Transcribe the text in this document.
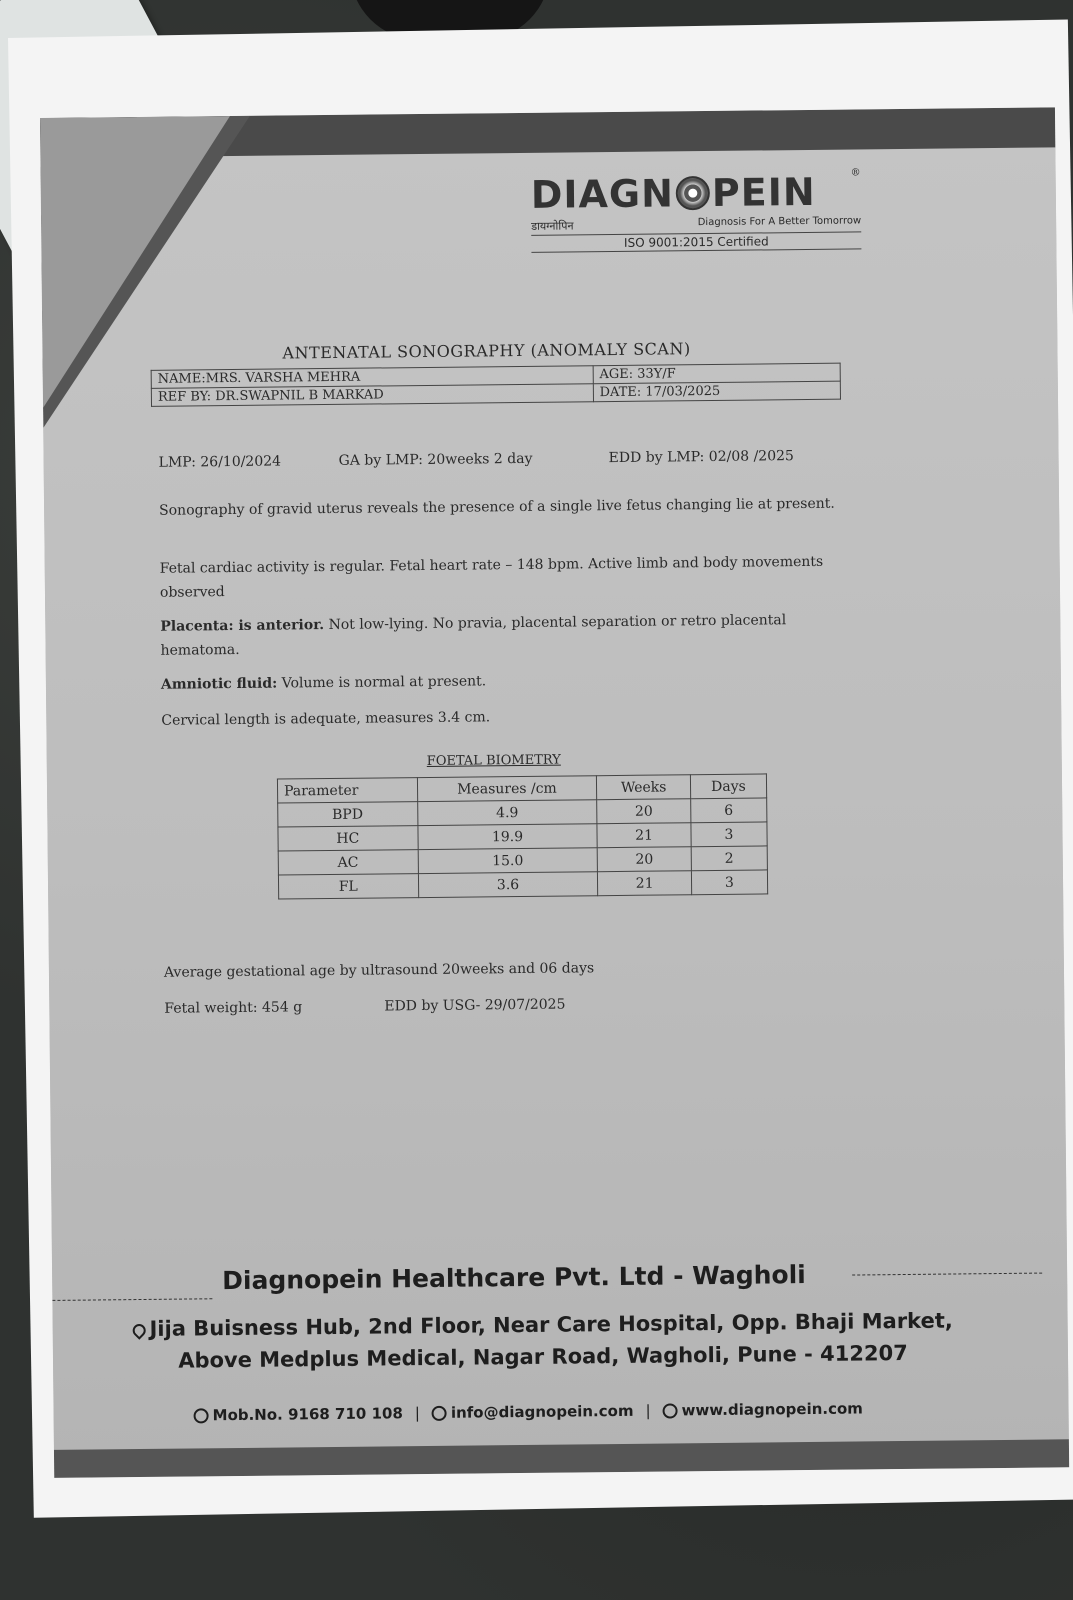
DIAGN PEIN	®
डायग्नोपिन	Diagnosis For A Better Tomorrow
ISO 9001:2015 Certified
ANTENATAL SONOGRAPHY (ANOMALY SCAN)
NAME:MRS. VARSHA MEHRA	AGE: 33Y/F
REF BY: DR.SWAPNIL B MARKAD	DATE: 17/03/2025
LMP: 26/10/2024	GA by LMP: 20weeks 2 day	EDD by LMP: 02/08 /2025
Sonography of gravid uterus reveals the presence of a single live fetus changing lie at present.
Fetal cardiac activity is regular. Fetal heart rate – 148 bpm. Active limb and body movements observed
Placenta: is anterior. Not low-lying. No pravia, placental separation or retro placental hematoma.
Amniotic fluid: Volume is normal at present.
Cervical length is adequate, measures 3.4 cm.
FOETAL BIOMETRY
Parameter	Measures /cm	Weeks	Days
BPD	4.9	20	6
HC	19.9	21	3
AC	15.0	20	2
FL	3.6	21	3
Average gestational age by ultrasound 20weeks and 06 days
Fetal weight: 454 g	EDD by USG- 29/07/2025
Diagnopein Healthcare Pvt. Ltd - Wagholi
Jija Buisness Hub, 2nd Floor, Near Care Hospital, Opp. Bhaji Market,
Above Medplus Medical, Nagar Road, Wagholi, Pune - 412207
Mob.No. 9168 710 108 |	info@diagnopein.com |	www.diagnopein.com
